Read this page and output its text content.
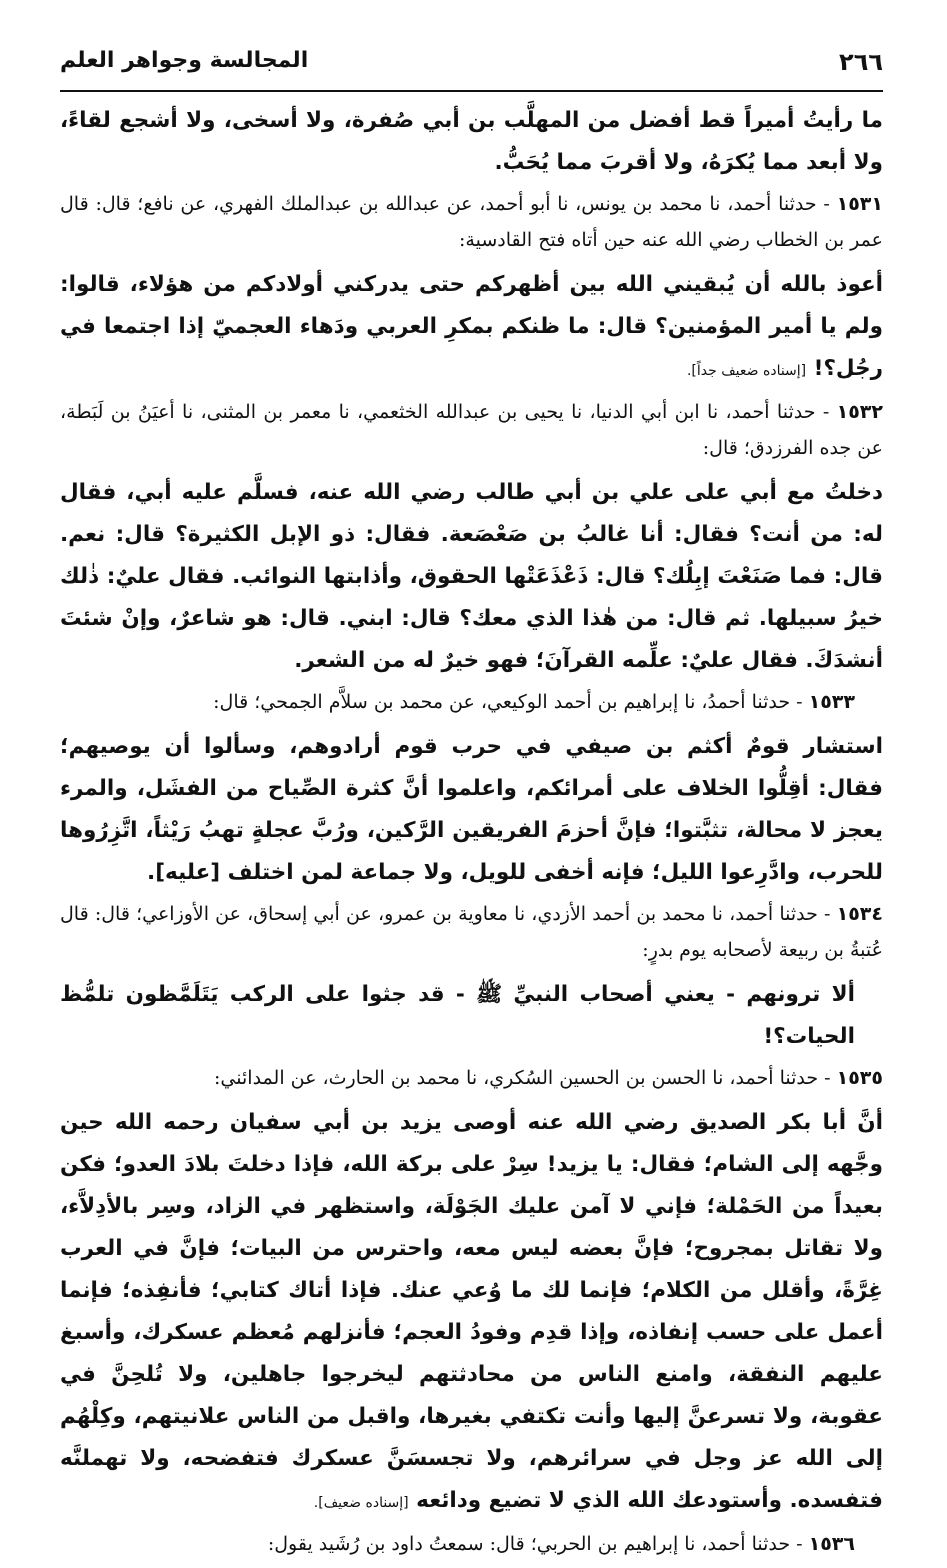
٢٦٦
المجالسة وجواهر العلم

ما رأيتُ أميراً قط أفضل من المهلَّب بن أبي صُفرة، ولا أسخى، ولا أشجع لقاءً، ولا أبعد مما يُكرَهُ، ولا أقربَ مما يُحَبُّ.

١٥٣١ - حدثنا أحمد، نا محمد بن يونس، نا أبو أحمد، عن عبدالله بن عبدالملك الفهري، عن نافع؛ قال: قال عمر بن الخطاب رضي الله عنه حين أتاه فتح القادسية:

أعوذ بالله أن يُبقيني الله بين أظهركم حتى يدركني أولادكم من هؤلاء، قالوا: ولم يا أمير المؤمنين؟ قال: ما ظنكم بمكرِ العربي ودَهاء العجميّ إذا اجتمعا في رجُل؟! [إسناده ضعيف جداً].

١٥٣٢ - حدثنا أحمد، نا ابن أبي الدنيا، نا يحيى بن عبدالله الخثعمي، نا معمر بن المثنى، نا أعيَنُ بن لَبَطة، عن جده الفرزدق؛ قال:

دخلتُ مع أبي على علي بن أبي طالب رضي الله عنه، فسلَّم عليه أبي، فقال له: من أنت؟ فقال: أنا غالبُ بن صَعْصَعة. فقال: ذو الإبل الكثيرة؟ قال: نعم. قال: فما صَنَعْتَ إبِلُك؟ قال: ذَعْذَعَتْها الحقوق، وأذابتها النوائب. فقال عليٌ: ذٰلك خيرُ سبيلها. ثم قال: من هٰذا الذي معك؟ قال: ابني. قال: هو شاعرٌ، وإنْ شئتَ أنشدَكَ. فقال عليٌ: علِّمه القرآنَ؛ فهو خيرٌ له من الشعر.

١٥٣٣ - حدثنا أحمدُ، نا إبراهيم بن أحمد الوكيعي، عن محمد بن سلاَّم الجمحي؛ قال:

استشار قومٌ أكثم بن صيفي في حرب قوم أرادوهم، وسألوا أن يوصيهم؛ فقال: أقِلُّوا الخلاف على أمرائكم، واعلموا أنَّ كثرة الصِّياح من الفشَل، والمرء يعجز لا محالة، تثبَّتوا؛ فإنَّ أحزمَ الفريقين الرَّكين، ورُبَّ عجلةٍ تهبُ رَيْثاً، اتَّزِرُوها للحرب، وادَّرِعوا الليل؛ فإنه أخفى للويل، ولا جماعة لمن اختلف [عليه].

١٥٣٤ - حدثنا أحمد، نا محمد بن أحمد الأزدي، نا معاوية بن عمرو، عن أبي إسحاق، عن الأوزاعي؛ قال: قال عُتبةُ بن ربيعة لأصحابه يوم بدرٍ:

ألا ترونهم - يعني أصحاب النبيِّ ﷺ - قد جثوا على الركب يَتَلَمَّظون تلمُّظ الحيات؟!

١٥٣٥ - حدثنا أحمد، نا الحسن بن الحسين السُكري، نا محمد بن الحارث، عن المدائني:

أنَّ أبا بكر الصديق رضي الله عنه أوصى يزيد بن أبي سفيان رحمه الله حين وجَّهه إلى الشام؛ فقال: يا يزيد! سِرْ على بركة الله، فإذا دخلتَ بلادَ العدو؛ فكن بعيداً من الحَمْلة؛ فإني لا آمن عليك الجَوْلَة، واستظهر في الزاد، وسِر بالأدِلاَّء، ولا تقاتل بمجروح؛ فإنَّ بعضه ليس معه، واحترس من البيات؛ فإنَّ في العرب غِرَّةً، وأقلل من الكلام؛ فإنما لك ما وُعي عنك. فإذا أتاك كتابي؛ فأنفِذه؛ فإنما أعمل على حسب إنفاذه، وإذا قدِم وفودُ العجم؛ فأنزلهم مُعظم عسكرك، وأسبغ عليهم النفقة، وامنع الناس من محادثتهم ليخرجوا جاهلين، ولا تُلحِنَّ في عقوبة، ولا تسرعنَّ إليها وأنت تكتفي بغيرها، واقبل من الناس علانيتهم، وكِلْهُم إلى الله عز وجل في سرائرهم، ولا تجسسَنَّ عسكرك فتفضحه، ولا تهملنَّه فتفسده. وأستودعك الله الذي لا تضيع ودائعه [إسناده ضعيف].

١٥٣٦ - حدثنا أحمد، نا إبراهيم بن الحربي؛ قال: سمعتُ داود بن رُشَيد يقول:
